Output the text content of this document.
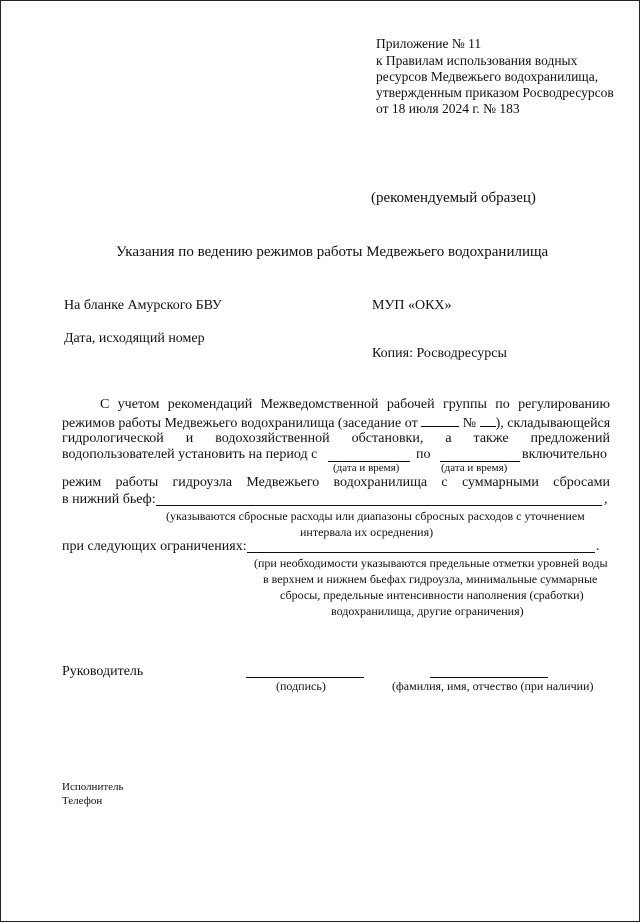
Приложение № 11
к Правилам использования водных
ресурсов Медвежьего водохранилища,
утвержденным приказом Росводресурсов
от 18 июля 2024 г. № 183
(рекомендуемый образец)
Указания по ведению режимов работы Медвежьего водохранилища
На бланке Амурского БВУ	МУП «ОКХ»
Дата, исходящий номер
Копия: Росводресурсы
С учетом рекомендаций Межведомственной рабочей группы по регулированию
режимов работы Медвежьего водохранилища (заседание от	№ ), складывающейся
гидрологической и водохозяйственной обстановки, а также предложений
водопользователей установить на период с	по	включительно
(дата и время)	(дата и время)
режим работы гидроузла Медвежьего водохранилища с суммарными сбросами
в нижний бьеф:	,
(указываются сбросные расходы или диапазоны сбросных расходов с уточнением
интервала их осреднения)
при следующих ограничениях:	.
(при необходимости указываются предельные отметки уровней воды
в верхнем и нижнем бьефах гидроузла, минимальные суммарные
сбросы, предельные интенсивности наполнения (сработки)
водохранилища, другие ограничения)
Руководитель
(подпись)	(фамилия, имя, отчество (при наличии)
Исполнитель
Телефон
